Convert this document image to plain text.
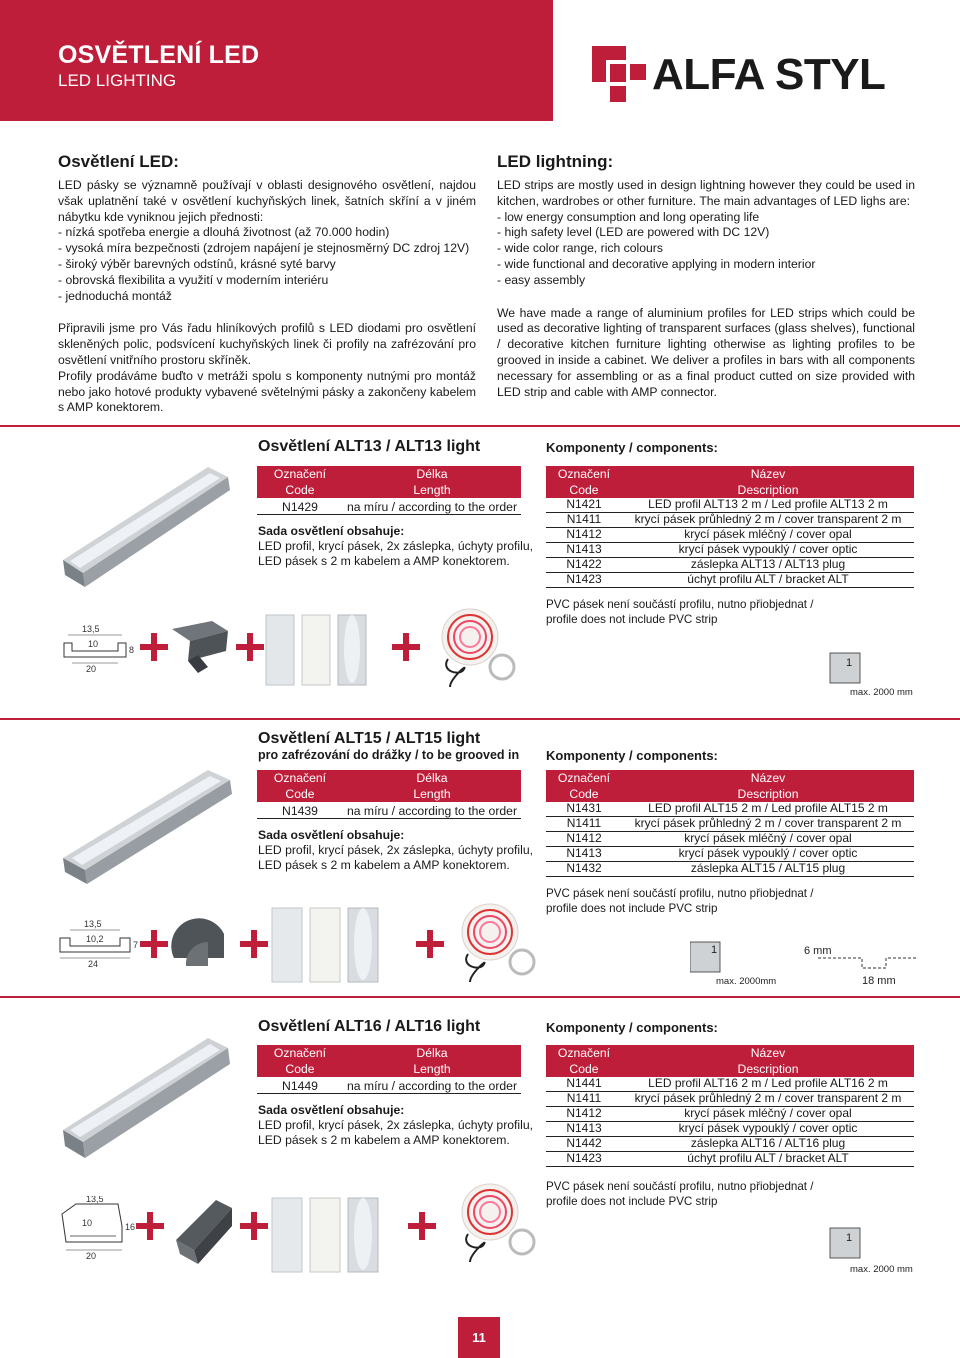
OSVĚTLENÍ LED
LED LIGHTING	ALFA STYL
Osvětlení LED:

LED pásky se významně používají v oblasti designového osvětlení, najdou však uplatnění také v osvětlení kuchyňských linek, šatních skříní a v jiném nábytku kde vyniknou jejich přednosti:

- nízká spotřeba energie a dlouhá životnost (až 70.000 hodin)
- vysoká míra bezpečnosti (zdrojem napájení je stejnosměrný DC zdroj 12V)
- široký výběr barevných odstínů, krásné syté barvy
- obrovská flexibilita a využití v moderním interiéru
- jednoduchá montáž

Připravili jsme pro Vás řadu hliníkových profilů s LED diodami pro osvětlení skleněných polic, podsvícení kuchyňských linek či profily na zafrézování pro osvětlení vnitřního prostoru skříněk.

Profily prodáváme buďto v metráži spolu s komponenty nutnými pro montáž nebo jako hotové produkty vybavené světelnými pásky a zakončeny kabelem s AMP konektorem.

LED lightning:

LED strips are mostly used in design lightning however they could be used in kitchen, wardrobes or other furniture. The main advantages of LED lighs are:

- low energy consumption and long operating life
- high safety level (LED are powered with DC 12V)
- wide color range, rich colours
- wide functional and decorative applying in modern interior
- easy assembly

We have made a range of aluminium profiles for LED strips which could be used as decorative lighting of transparent surfaces (glass shelves), functional / decorative kitchen furniture lighting otherwise as lighting profiles to be grooved in inside a cabinet. We deliver a profiles in bars with all components necessary for assembling or as a final product cutted on size provided with LED strip and cable with AMP connector.

Osvětlení ALT13 / ALT13 light	Komponenty / components:
Označení
Code
Délka
Length
N1429	na míru / according to the order
Sada osvětlení obsahuje:
LED profil, krycí pásek, 2x záslepka, úchyty profilu,
LED pásek s 2 m kabelem a AMP konektorem.
Označení
Code
Název
Description
N1421	LED profil ALT13 2 m / Led profile ALT13 2 m
N1411	krycí pásek průhledný 2 m / cover transparent 2 m
N1412	krycí pásek mléčný / cover opal
N1413	krycí pásek vypouklý / cover optic
N1422	záslepka ALT13 / ALT13 plug
N1423	úchyt profilu ALT / bracket ALT
PVC pásek není součástí profilu, nutno přiobjednat /
profile does not include PVC strip
13,5
10
20
8
max. 2000 mm
Osvětlení ALT15 / ALT15 light
pro zafrézování do drážky / to be grooved in Komponenty / components:
Označení
Code
Délka
Length
N1439	na míru / according to the order
Sada osvětlení obsahuje:
LED profil, krycí pásek, 2x záslepka, úchyty profilu,
LED pásek s 2 m kabelem a AMP konektorem.
Označení
Code
Název
Description
N1431	LED profil ALT15 2 m / Led profile ALT15 2 m
N1411	krycí pásek průhledný 2 m / cover transparent 2 m
N1412	krycí pásek mléčný / cover opal
N1413	krycí pásek vypouklý / cover optic
N1432	záslepka ALT15 / ALT15 plug
PVC pásek není součástí profilu, nutno přiobjednat /
profile does not include PVC strip
13,5
10,2
24
7
max. 2000mm
6 mm
18 mm
Osvětlení ALT16 / ALT16 light	Komponenty / components:
Označení
Code
Délka
Length
N1449	na míru / according to the order
Sada osvětlení obsahuje:
LED profil, krycí pásek, 2x záslepka, úchyty profilu,
LED pásek s 2 m kabelem a AMP konektorem.
Označení
Code
Název
Description
N1441	LED profil ALT16 2 m / Led profile ALT16 2 m
N1411	krycí pásek průhledný 2 m / cover transparent 2 m
N1412	krycí pásek mléčný / cover opal
N1413	krycí pásek vypouklý / cover optic
N1442	záslepka ALT16 / ALT16 plug
N1423	úchyt profilu ALT / bracket ALT
PVC pásek není součástí profilu, nutno přiobjednat /
profile does not include PVC strip
13,5
10
20
16
max. 2000 mm
1
1
1
11
